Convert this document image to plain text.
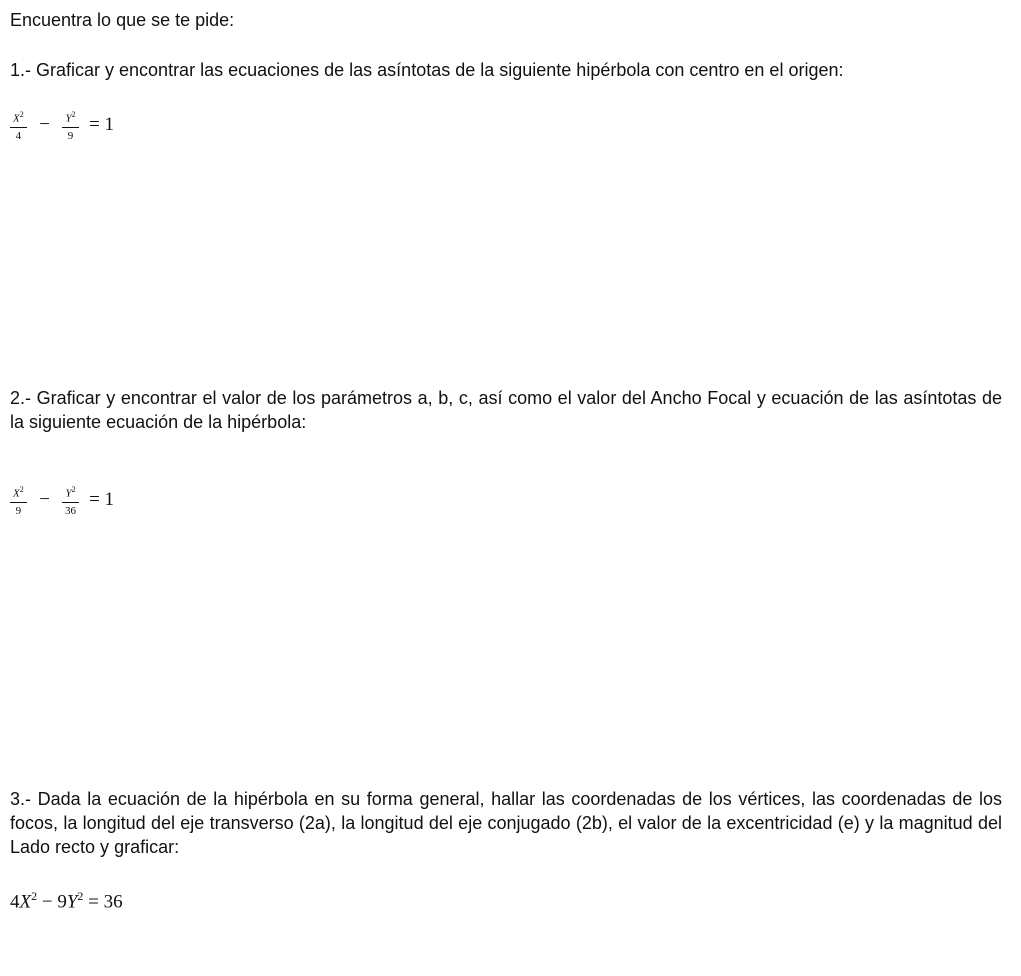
Encuentra lo que se te pide:

1.- Graficar y encontrar las ecuaciones de las asíntotas de la siguiente hipérbola con centro en el origen:

$\frac{X^2}{4} - \frac{Y^2}{9} = 1$

2.- Graficar y encontrar el valor de los parámetros a, b, c, así como el valor del Ancho Focal y ecuación de las asíntotas de la siguiente ecuación de la hipérbola:

$\frac{X^2}{9} - \frac{Y^2}{36} = 1$

3.- Dada la ecuación de la hipérbola en su forma general, hallar las coordenadas de los vértices, las coordenadas de los focos, la longitud del eje transverso (2a), la longitud del eje conjugado (2b), el valor de la excentricidad (e) y la magnitud del Lado recto y graficar:

$4X^2 - 9Y^2 = 36$
